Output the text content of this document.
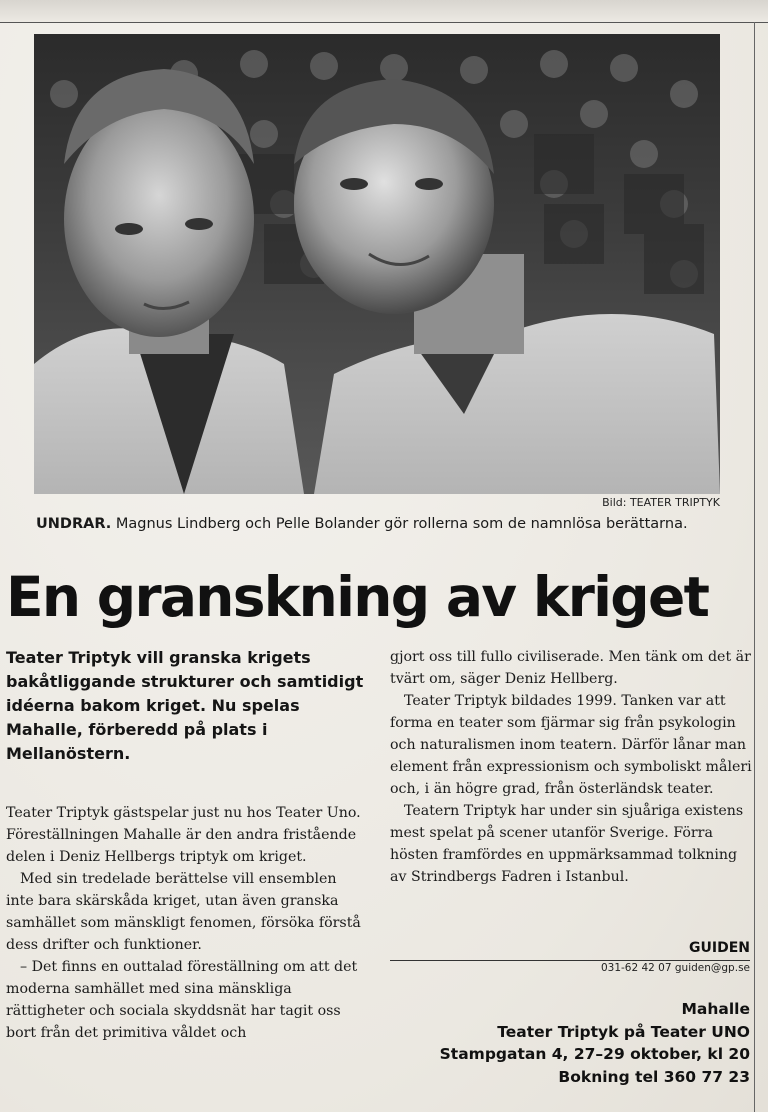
Bild: TEATER TRIPTYK
UNDRAR. Magnus Lindberg och Pelle Bolander gör rollerna som de namnlösa berättarna.
En granskning av kriget
Teater Triptyk vill granska krigets bakåtliggande strukturer och samtidigt idéerna bakom kriget. Nu spelas Mahalle, förberedd på plats i Mellanöstern.

Teater Triptyk gästspelar just nu hos Teater Uno. Föreställningen Mahalle är den andra fristående delen i Deniz Hellbergs triptyk om kriget.

Med sin tredelade berättelse vill ensemblen inte bara skärskåda kriget, utan även granska samhället som mänskligt fenomen, försöka förstå dess drifter och funktioner.

– Det finns en outtalad föreställning om att det moderna samhället med sina mänskliga rättigheter och sociala skyddsnät har tagit oss bort från det primitiva våldet och

gjort oss till fullo civiliserade. Men tänk om det är tvärt om, säger Deniz Hellberg.

Teater Triptyk bildades 1999. Tanken var att forma en teater som fjärmar sig från psykologin och naturalismen inom teatern. Därför lånar man element från expressionism och symboliskt måleri och, i än högre grad, från österländsk teater.

Teatern Triptyk har under sin sjuåriga existens mest spelat på scener utanför Sverige. Förra hösten framfördes en uppmärksammad tolkning av Strindbergs Fadren i Istanbul.

GUIDEN
031-62 42 07 guiden@gp.se
Mahalle
Teater Triptyk på Teater UNO
Stampgatan 4, 27–29 oktober, kl 20
Bokning tel 360 77 23
